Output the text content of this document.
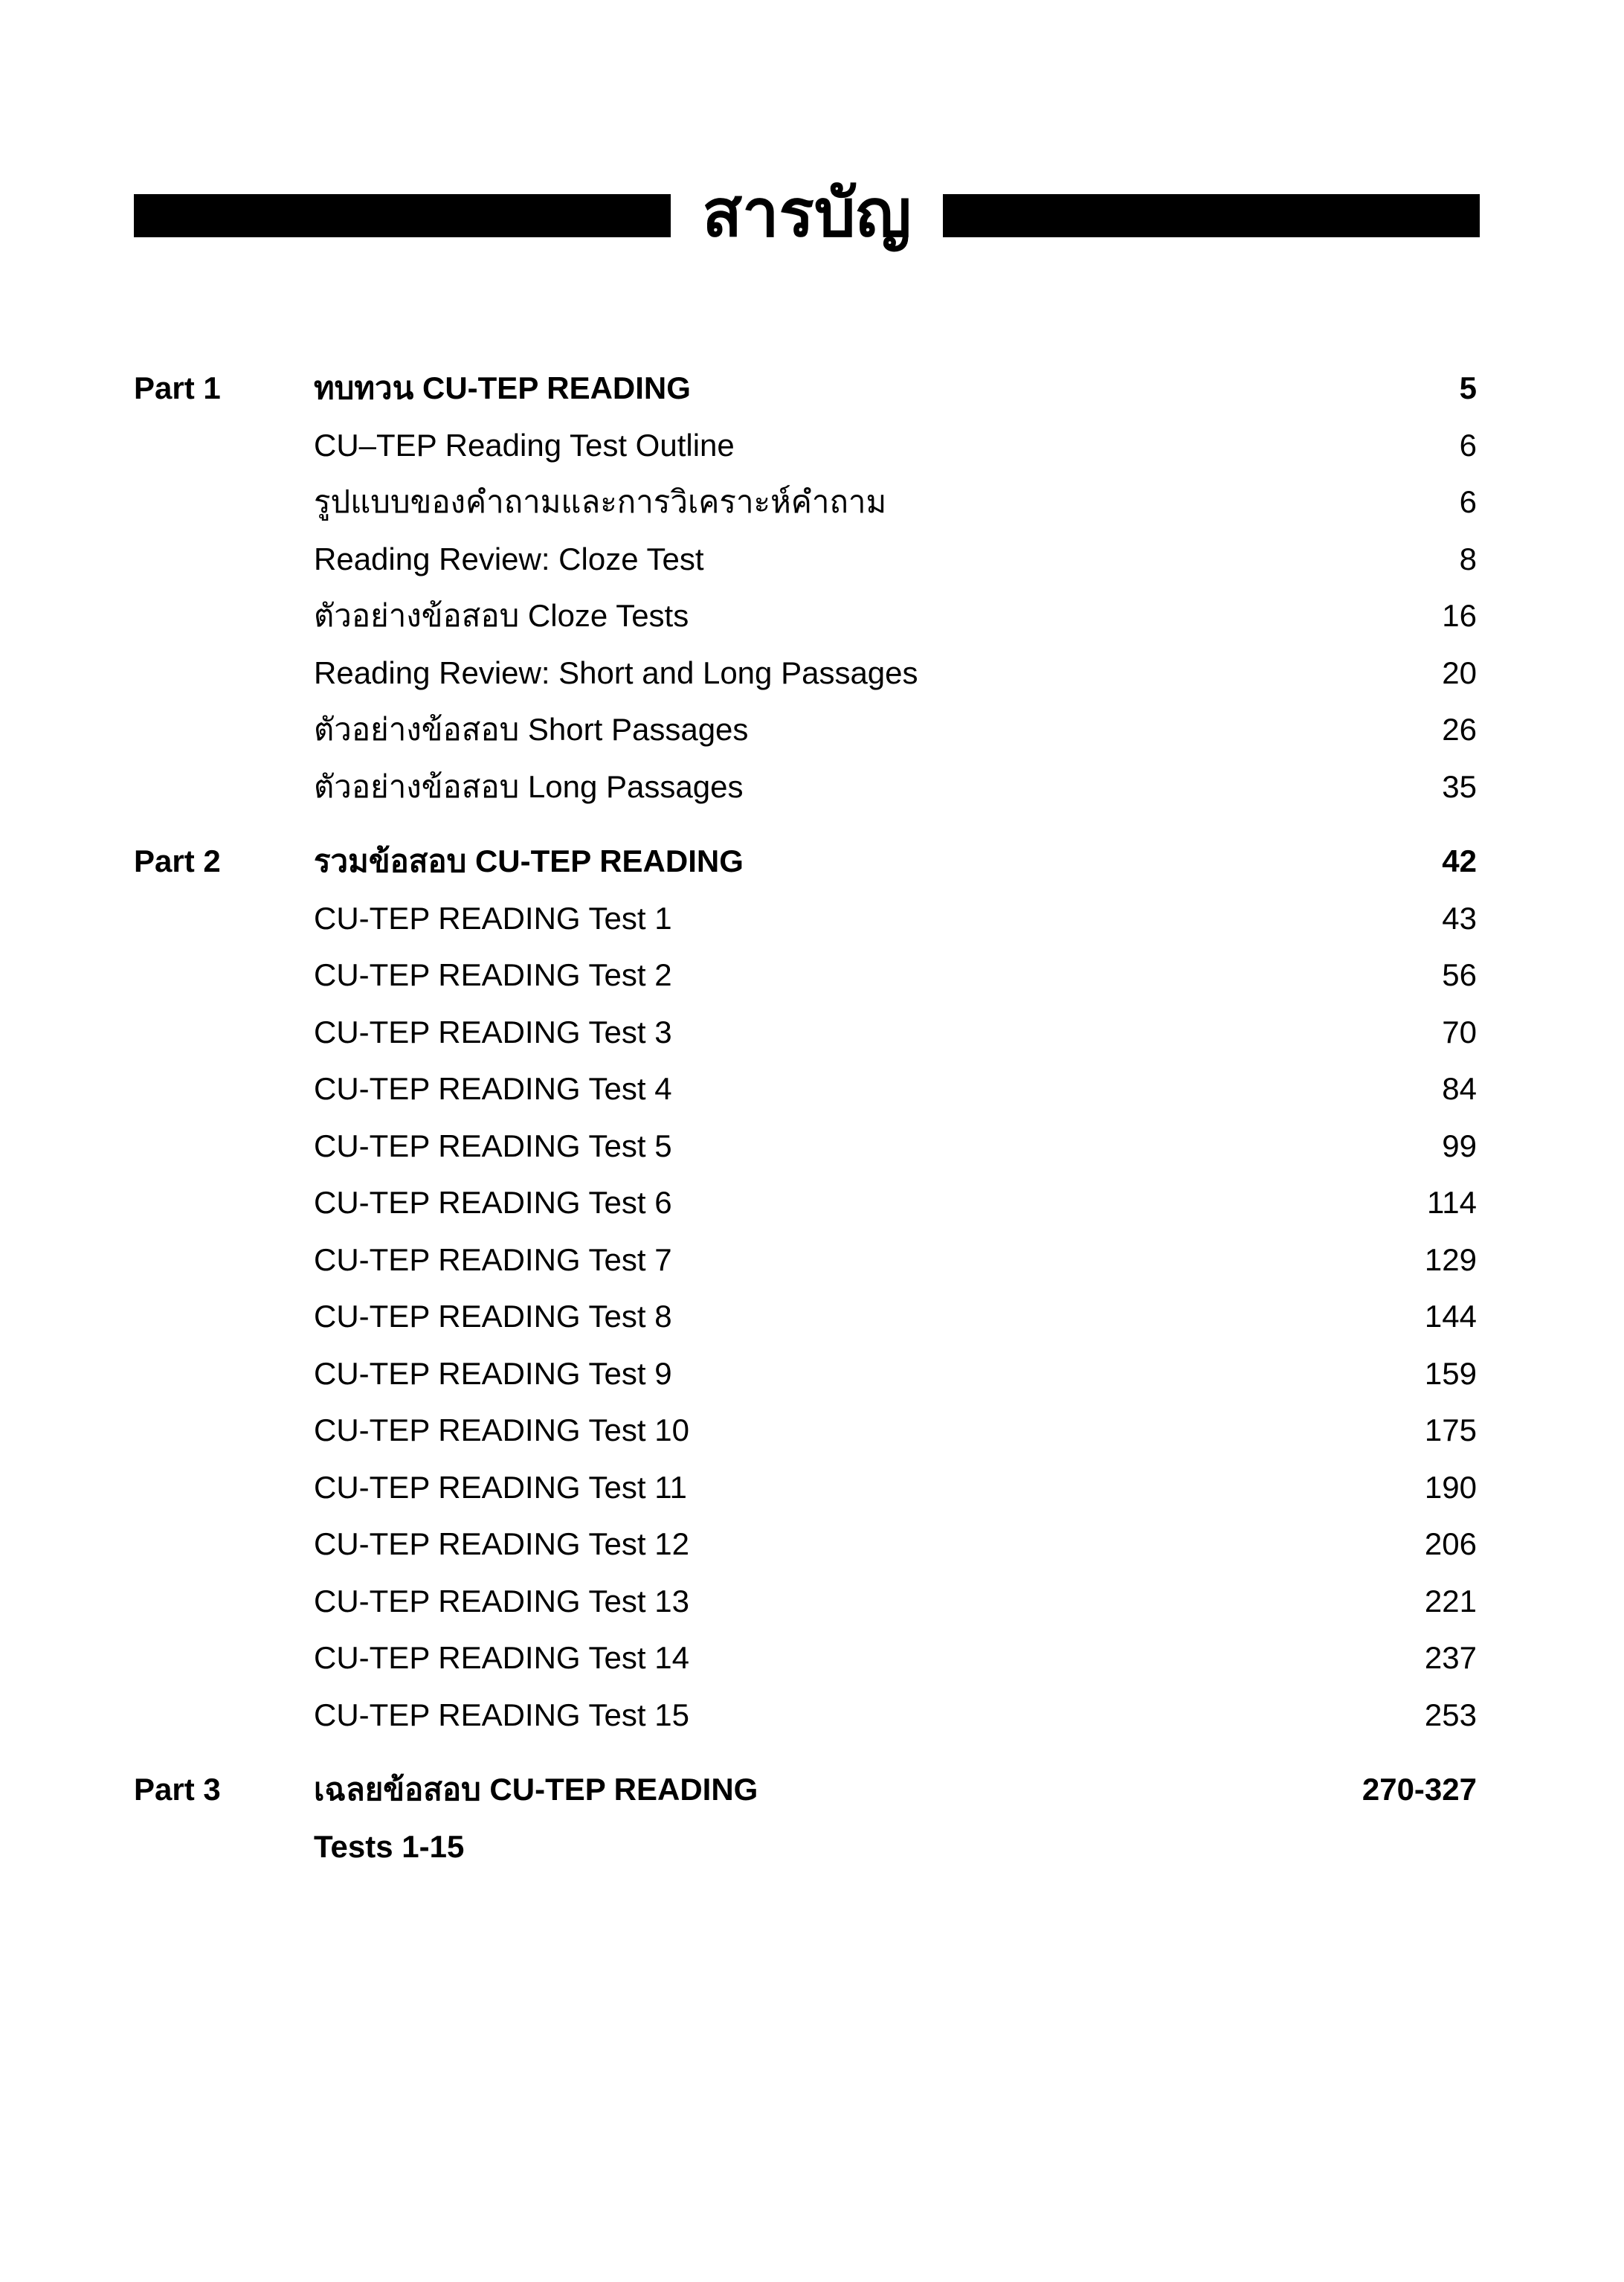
สารบัญ
Part 1	ทบทวน CU-TEP READING	5
CU–TEP Reading Test Outline	6
รูปแบบของคำถามและการวิเคราะห์คำถาม	6
Reading Review: Cloze Test	8
ตัวอย่างข้อสอบ Cloze Tests	16
Reading Review: Short and Long Passages	20
ตัวอย่างข้อสอบ Short Passages	26
ตัวอย่างข้อสอบ Long Passages	35
Part 2	รวมข้อสอบ CU-TEP READING	42
CU-TEP READING Test 1	43
CU-TEP READING Test 2	56
CU-TEP READING Test 3	70
CU-TEP READING Test 4	84
CU-TEP READING Test 5	99
CU-TEP READING Test 6	114
CU-TEP READING Test 7	129
CU-TEP READING Test 8	144
CU-TEP READING Test 9	159
CU-TEP READING Test 10	175
CU-TEP READING Test 11	190
CU-TEP READING Test 12	206
CU-TEP READING Test 13	221
CU-TEP READING Test 14	237
CU-TEP READING Test 15	253
Part 3	เฉลยข้อสอบ CU-TEP READING	270-327
Tests 1-15
